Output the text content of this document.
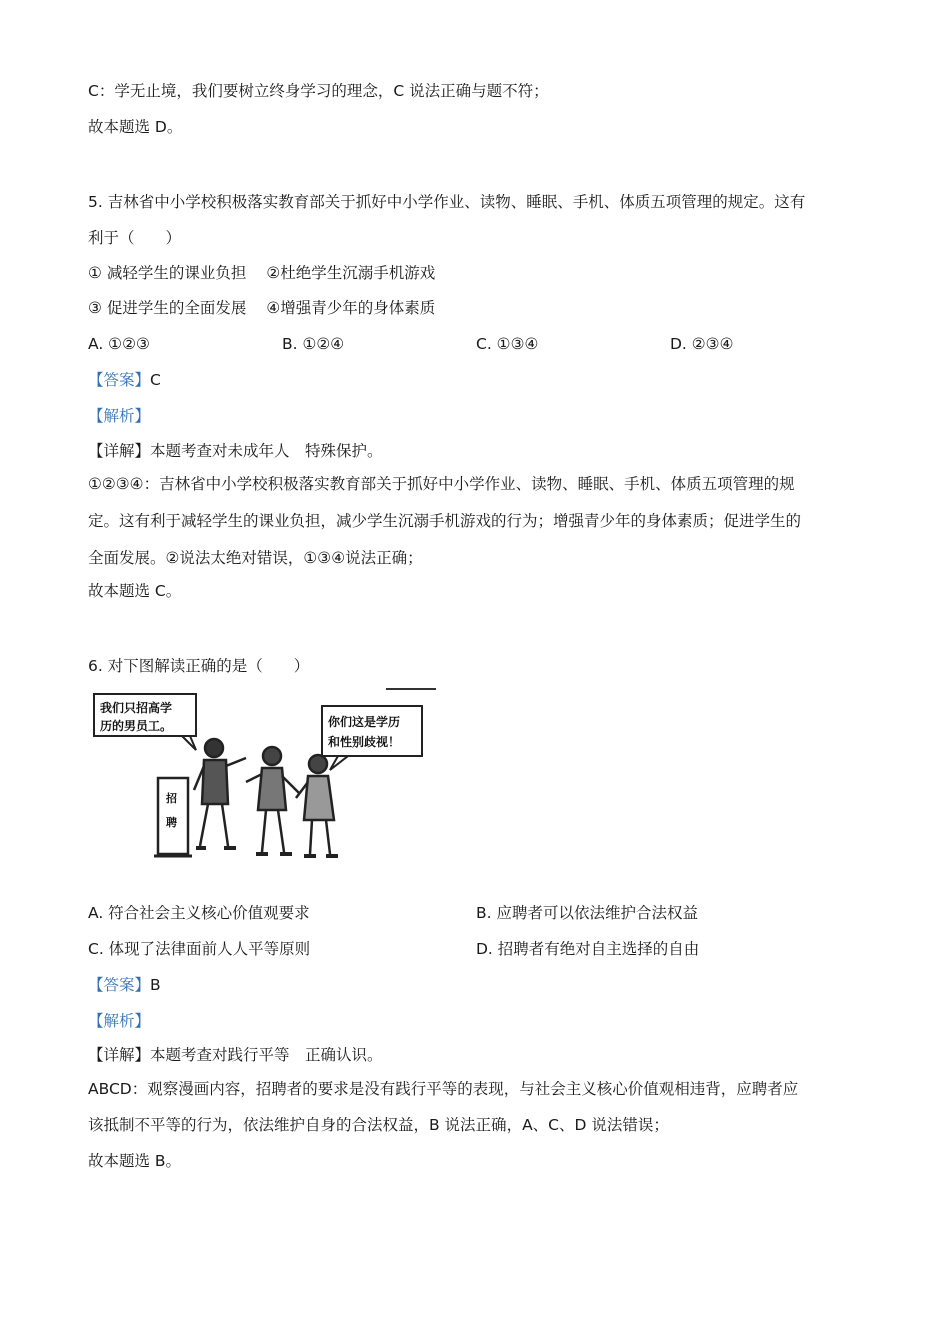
C：学无止境，我们要树立终身学习的理念，C 说法正确与题不符；
故本题选 D。
5. 吉林省中小学校积极落实教育部关于抓好中小学作业、读物、睡眠、手机、体质五项管理的规定。这有
利于（　　）
① 减轻学生的课业负担 ②杜绝学生沉溺手机游戏
③ 促进学生的全面发展 ④增强青少年的身体素质
A. ①②③	B. ①②④	C. ①③④	D. ②③④
【答案】C
【解析】
【详解】本题考查对未成年人　特殊保护。
①②③④：吉林省中小学校积极落实教育部关于抓好中小学作业、读物、睡眠、手机、体质五项管理的规
定。这有利于减轻学生的课业负担，减少学生沉溺手机游戏的行为；增强青少年的身体素质；促进学生的
全面发展。②说法太绝对错误，①③④说法正确；
故本题选 C。
6. 对下图解读正确的是（　　）
我们只招高学
历的男员工。	你们这是学历
和性别歧视！
招
聘
A. 符合社会主义核心价值观要求	B. 应聘者可以依法维护合法权益
C. 体现了法律面前人人平等原则	D. 招聘者有绝对自主选择的自由
【答案】B
【解析】
【详解】本题考查对践行平等　正确认识。
ABCD：观察漫画内容，招聘者的要求是没有践行平等的表现，与社会主义核心价值观相违背，应聘者应
该抵制不平等的行为，依法维护自身的合法权益，B 说法正确，A、C、D 说法错误；
故本题选 B。
